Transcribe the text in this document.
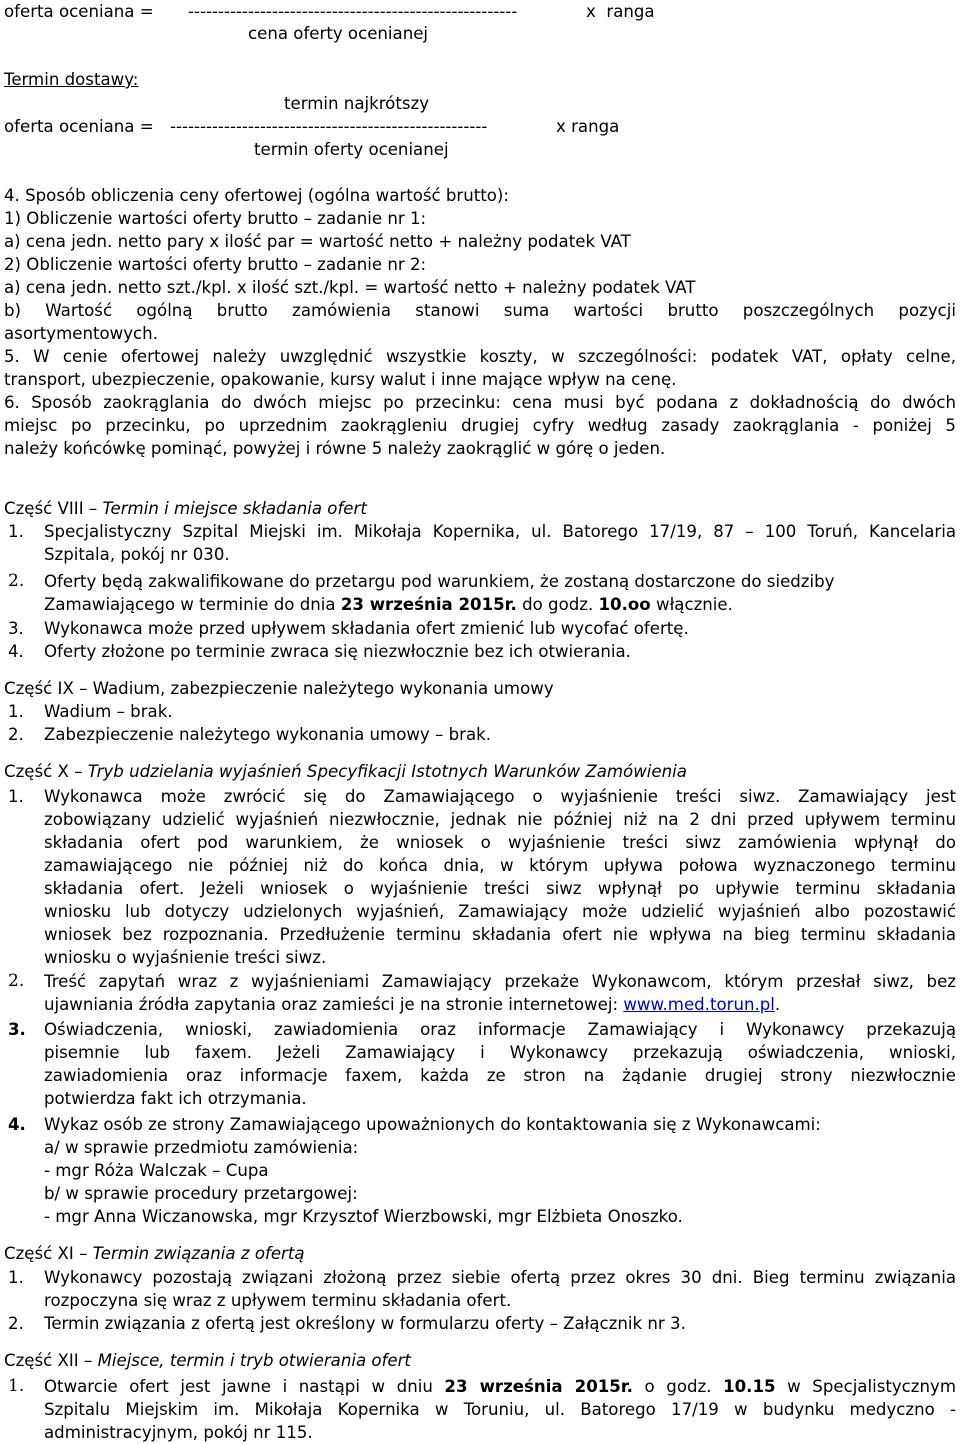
oferta oceniana = -------------------------------------------------------	x  ranga
cena oferty ocenianej
Termin dostawy:
termin najkrótszy
oferta oceniana = -----------------------------------------------------	x ranga
termin oferty ocenianej
4. Sposób obliczenia ceny ofertowej (ogólna wartość brutto):
1) Obliczenie wartości oferty brutto – zadanie nr 1:
a) cena jedn. netto pary x ilość par = wartość netto + należny podatek VAT
2) Obliczenie wartości oferty brutto – zadanie nr 2:
a) cena jedn. netto szt./kpl. x ilość szt./kpl. = wartość netto + należny podatek VAT
b) Wartość ogólną brutto zamówienia stanowi suma wartości brutto poszczególnych pozycji
asortymentowych.
5. W cenie ofertowej należy uwzględnić wszystkie koszty, w szczególności: podatek VAT, opłaty celne,
transport, ubezpieczenie, opakowanie, kursy walut i inne mające wpływ na cenę.
6. Sposób zaokrąglania do dwóch miejsc po przecinku: cena musi być podana z dokładnością do dwóch
miejsc po przecinku, po uprzednim zaokrągleniu drugiej cyfry według zasady zaokrąglania - poniżej 5
należy końcówkę pominąć, powyżej i równe 5 należy zaokrąglić w górę o jeden.
Część VIII – Termin i miejsce składania ofert
1. Specjalistyczny Szpital Miejski im. Mikołaja Kopernika, ul. Batorego 17/19, 87 – 100 Toruń, Kancelaria
Szpitala, pokój nr 030.
2. Oferty będą zakwalifikowane do przetargu pod warunkiem, że zostaną dostarczone do siedziby
Zamawiającego w terminie do dnia 23 września 2015r. do godz. 10.oo włącznie.
3. Wykonawca może przed upływem składania ofert zmienić lub wycofać ofertę.
4. Oferty złożone po terminie zwraca się niezwłocznie bez ich otwierania.
Część IX – Wadium, zabezpieczenie należytego wykonania umowy
1. Wadium – brak.
2. Zabezpieczenie należytego wykonania umowy – brak.
Część X – Tryb udzielania wyjaśnień Specyfikacji Istotnych Warunków Zamówienia
1. Wykonawca może zwrócić się do Zamawiającego o wyjaśnienie treści siwz. Zamawiający jest
zobowiązany udzielić wyjaśnień niezwłocznie, jednak nie później niż na 2 dni przed upływem terminu
składania ofert pod warunkiem, że wniosek o wyjaśnienie treści siwz zamówienia wpłynął do
zamawiającego nie później niż do końca dnia, w którym upływa połowa wyznaczonego terminu
składania ofert. Jeżeli wniosek o wyjaśnienie treści siwz wpłynął po upływie terminu składania
wniosku lub dotyczy udzielonych wyjaśnień, Zamawiający może udzielić wyjaśnień albo pozostawić
wniosek bez rozpoznania. Przedłużenie terminu składania ofert nie wpływa na bieg terminu składania
wniosku o wyjaśnienie treści siwz.
2. Treść zapytań wraz z wyjaśnieniami Zamawiający przekaże Wykonawcom, którym przesłał siwz, bez
ujawniania źródła zapytania oraz zamieści je na stronie internetowej: www.med.torun.pl.
3. Oświadczenia, wnioski, zawiadomienia oraz informacje Zamawiający i Wykonawcy przekazują
pisemnie lub faxem. Jeżeli Zamawiający i Wykonawcy przekazują oświadczenia, wnioski,
zawiadomienia oraz informacje faxem, każda ze stron na żądanie drugiej strony niezwłocznie
potwierdza fakt ich otrzymania.
4. Wykaz osób ze strony Zamawiającego upoważnionych do kontaktowania się z Wykonawcami:
a/ w sprawie przedmiotu zamówienia:
- mgr Róża Walczak – Cupa
b/ w sprawie procedury przetargowej:
- mgr Anna Wiczanowska, mgr Krzysztof Wierzbowski, mgr Elżbieta Onoszko.
Część XI – Termin związania z ofertą
1. Wykonawcy pozostają związani złożoną przez siebie ofertą przez okres 30 dni. Bieg terminu związania
rozpoczyna się wraz z upływem terminu składania ofert.
2. Termin związania z ofertą jest określony w formularzu oferty – Załącznik nr 3.
Część XII – Miejsce, termin i tryb otwierania ofert
1. Otwarcie ofert jest jawne i nastąpi w dniu 23 września 2015r. o godz. 10.15 w Specjalistycznym
Szpitalu Miejskim im. Mikołaja Kopernika w Toruniu, ul. Batorego 17/19 w budynku medyczno -
administracyjnym, pokój nr 115.
